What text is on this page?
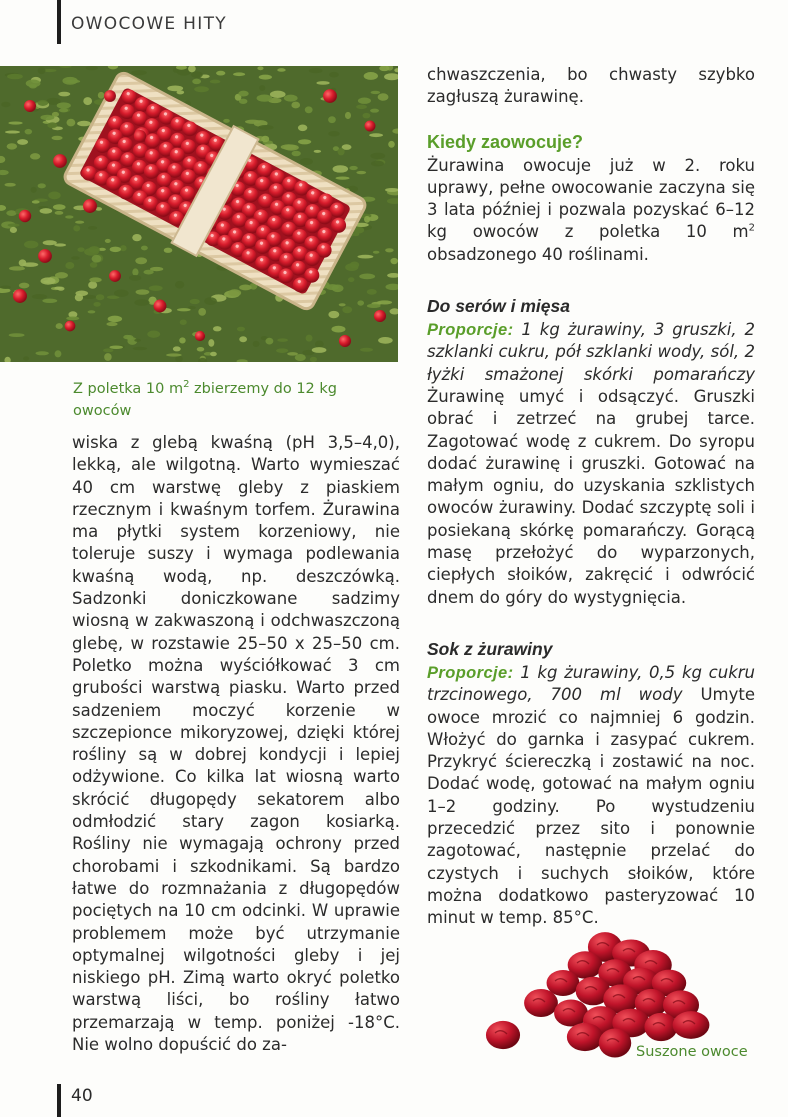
OWOCOWE HITY
Z poletka 10 $m^2$ zbierzemy do 12 kg owoców

wiska z glebą kwaśną (pH 3,5–4,0), lekką, ale wilgotną. Warto wymieszać 40 cm warstwę gleby z piaskiem rzecznym i kwaśnym torfem. Żurawina ma płytki system korzeniowy, nie toleruje suszy i wymaga podlewania kwaśną wodą, np. deszczówką. Sadzonki doniczkowane sadzimy wiosną w zakwaszoną i odchwaszczoną glebę, w rozstawie 25–50 x 25–50 cm. Poletko można wyściółkować 3 cm grubości warstwą piasku. Warto przed sadzeniem moczyć korzenie w szczepionce mikoryzowej, dzięki której rośliny są w dobrej kondycji i lepiej odżywione. Co kilka lat wiosną warto skrócić długopędy sekatorem albo odmłodzić stary zagon kosiarką. Rośliny nie wymagają ochrony przed chorobami i szkodnikami. Są bardzo łatwe do rozmnażania z długopędów pociętych na 10 cm odcinki. W uprawie problemem może być utrzymanie optymalnej wilgotności gleby i jej niskiego pH. Zimą warto okryć poletko warstwą liści, bo rośliny łatwo przemarzają w temp. poniżej -18°C. Nie wolno dopuścić do za-

chwaszczenia, bo chwasty szybko zagłuszą żurawinę.

Kiedy zaowocuje?

Żurawina owocuje już w 2. roku uprawy, pełne owocowanie zaczyna się 3 lata później i pozwala pozyskać 6–12 kg owoców z poletka 10 $m^2$ obsadzonego 40 roślinami.

Do serów i mięsa

Proporcje: 1 kg żurawiny, 3 gruszki, 2 szklanki cukru, pół szklanki wody, sól, 2 łyżki smażonej skórki pomarańczy Żurawinę umyć i odsączyć. Gruszki obrać i zetrzeć na grubej tarce. Zagotować wodę z cukrem. Do syropu dodać żurawinę i gruszki. Gotować na małym ogniu, do uzyskania szklistych owoców żurawiny. Dodać szczyptę soli i posiekaną skórkę pomarańczy. Gorącą masę przełożyć do wyparzonych, ciepłych słoików, zakręcić i odwrócić dnem do góry do wystygnięcia.

Sok z żurawiny

Proporcje: 1 kg żurawiny, 0,5 kg cukru trzcinowego, 700 ml wody Umyte owoce mrozić co najmniej 6 godzin. Włożyć do garnka i zasypać cukrem. Przykryć ściereczką i zostawić na noc. Dodać wodę, gotować na małym ogniu 1–2 godziny. Po wystudzeniu przecedzić przez sito i ponownie zagotować, następnie przelać do czystych i suchych słoików, które można dodatkowo pasteryzować 10 minut w temp. 85°C.

Suszone owoce
40
